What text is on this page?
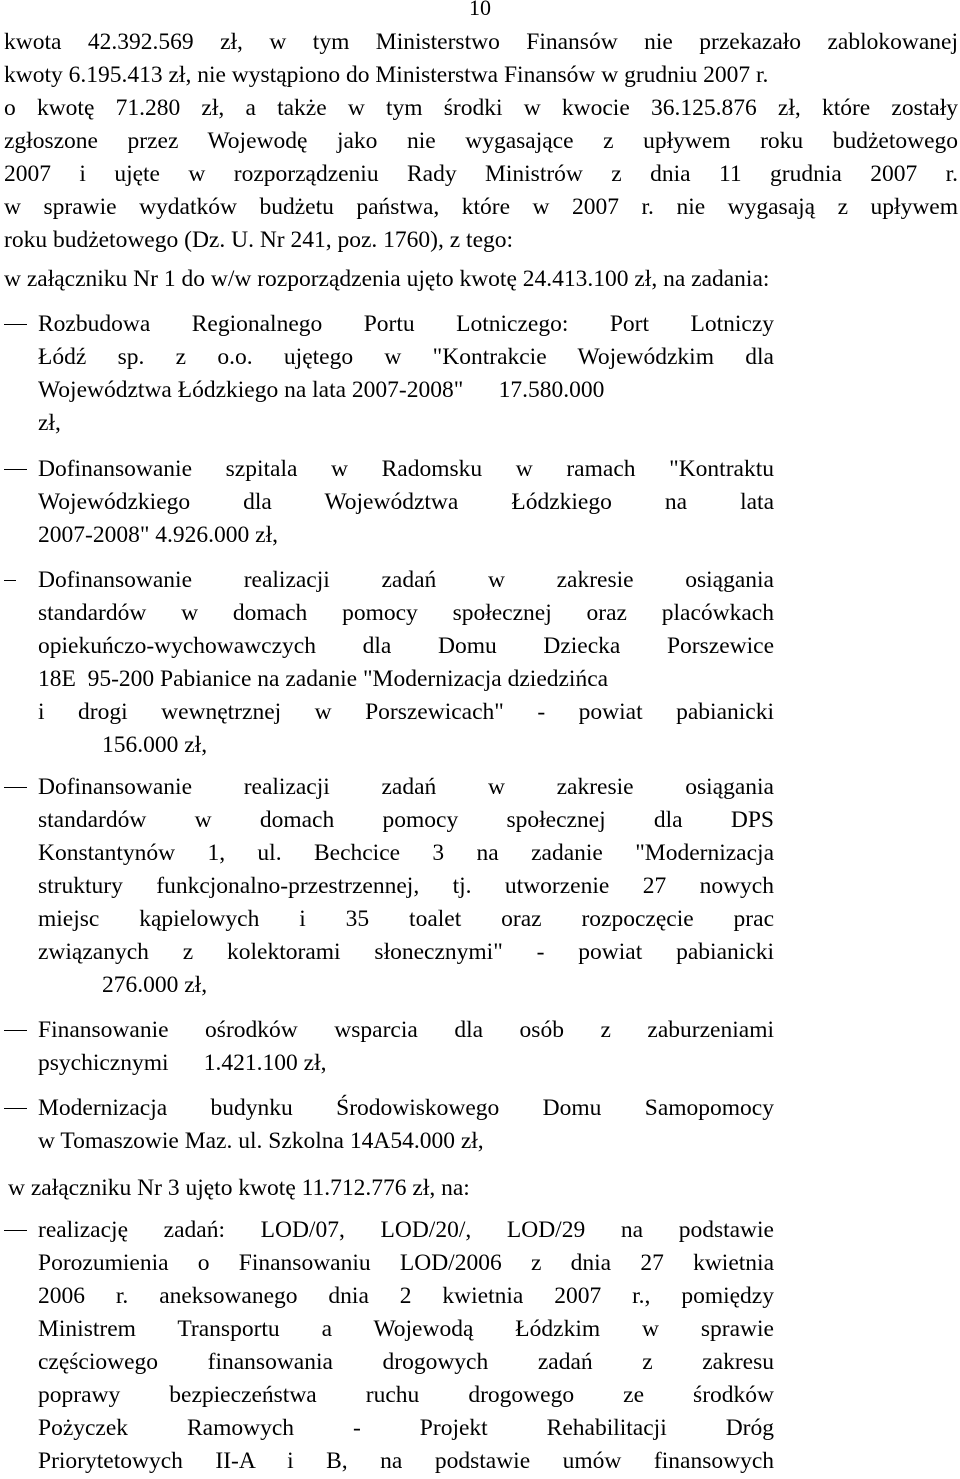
10
kwota 42.392.569 zł, w tym Ministerstwo Finansów nie przekazało zablokowanej
kwoty 6.195.413 zł, nie wystąpiono do Ministerstwa Finansów w grudniu 2007 r.
o kwotę 71.280 zł, a także w tym środki w kwocie 36.125.876 zł, które zostały
zgłoszone przez Wojewodę jako nie wygasające z upływem roku budżetowego
2007 i ujęte w rozporządzeniu Rady Ministrów z dnia 11 grudnia 2007 r.
w sprawie wydatków budżetu państwa, które w 2007 r. nie wygasają z upływem
roku budżetowego (Dz. U. Nr 241, poz. 1760), z tego:
w załączniku Nr 1 do w/w rozporządzenia ujęto kwotę 24.413.100 zł, na zadania:
Rozbudowa Regionalnego Portu Lotniczego: Port Lotniczy
Łódź sp. z o.o. ujętego w "Kontrakcie Wojewódzkim dla
Województwa Łódzkiego na lata 2007-2008"      17.580.000
zł,
Dofinansowanie szpitala w Radomsku w ramach "Kontraktu
Wojewódzkiego dla Województwa Łódzkiego na lata
2007-2008" 4.926.000 zł,
Dofinansowanie realizacji zadań w zakresie osiągania
standardów w domach pomocy społecznej oraz placówkach
opiekuńczo-wychowawczych dla Domu Dziecka Porszewice
18E  95-200 Pabianice na zadanie "Modernizacja dziedzińca
i drogi wewnętrznej w Porszewicach" - powiat pabianicki
156.000 zł,
Dofinansowanie realizacji zadań w zakresie osiągania
standardów w domach pomocy społecznej dla DPS
Konstantynów 1, ul. Bechcice 3 na zadanie "Modernizacja
struktury funkcjonalno-przestrzennej, tj. utworzenie 27 nowych
miejsc kąpielowych i 35 toalet oraz rozpoczęcie prac
związanych z kolektorami słonecznymi" - powiat pabianicki
276.000 zł,
Finansowanie ośrodków wsparcia dla osób z zaburzeniami
psychicznymi      1.421.100 zł,
Modernizacja budynku Środowiskowego Domu Samopomocy
w Tomaszowie Maz. ul. Szkolna 14A54.000 zł,
w załączniku Nr 3 ujęto kwotę 11.712.776 zł, na:
realizację zadań: LOD/07, LOD/20/, LOD/29 na podstawie
Porozumienia o Finansowaniu LOD/2006 z dnia 27 kwietnia
2006 r. aneksowanego dnia 2 kwietnia 2007 r., pomiędzy
Ministrem Transportu a Wojewodą Łódzkim w sprawie
częściowego finansowania drogowych zadań z zakresu
poprawy bezpieczeństwa ruchu drogowego ze środków
Pożyczek Ramowych - Projekt Rehabilitacji Dróg
Priorytetowych II-A i B, na podstawie umów finansowych
